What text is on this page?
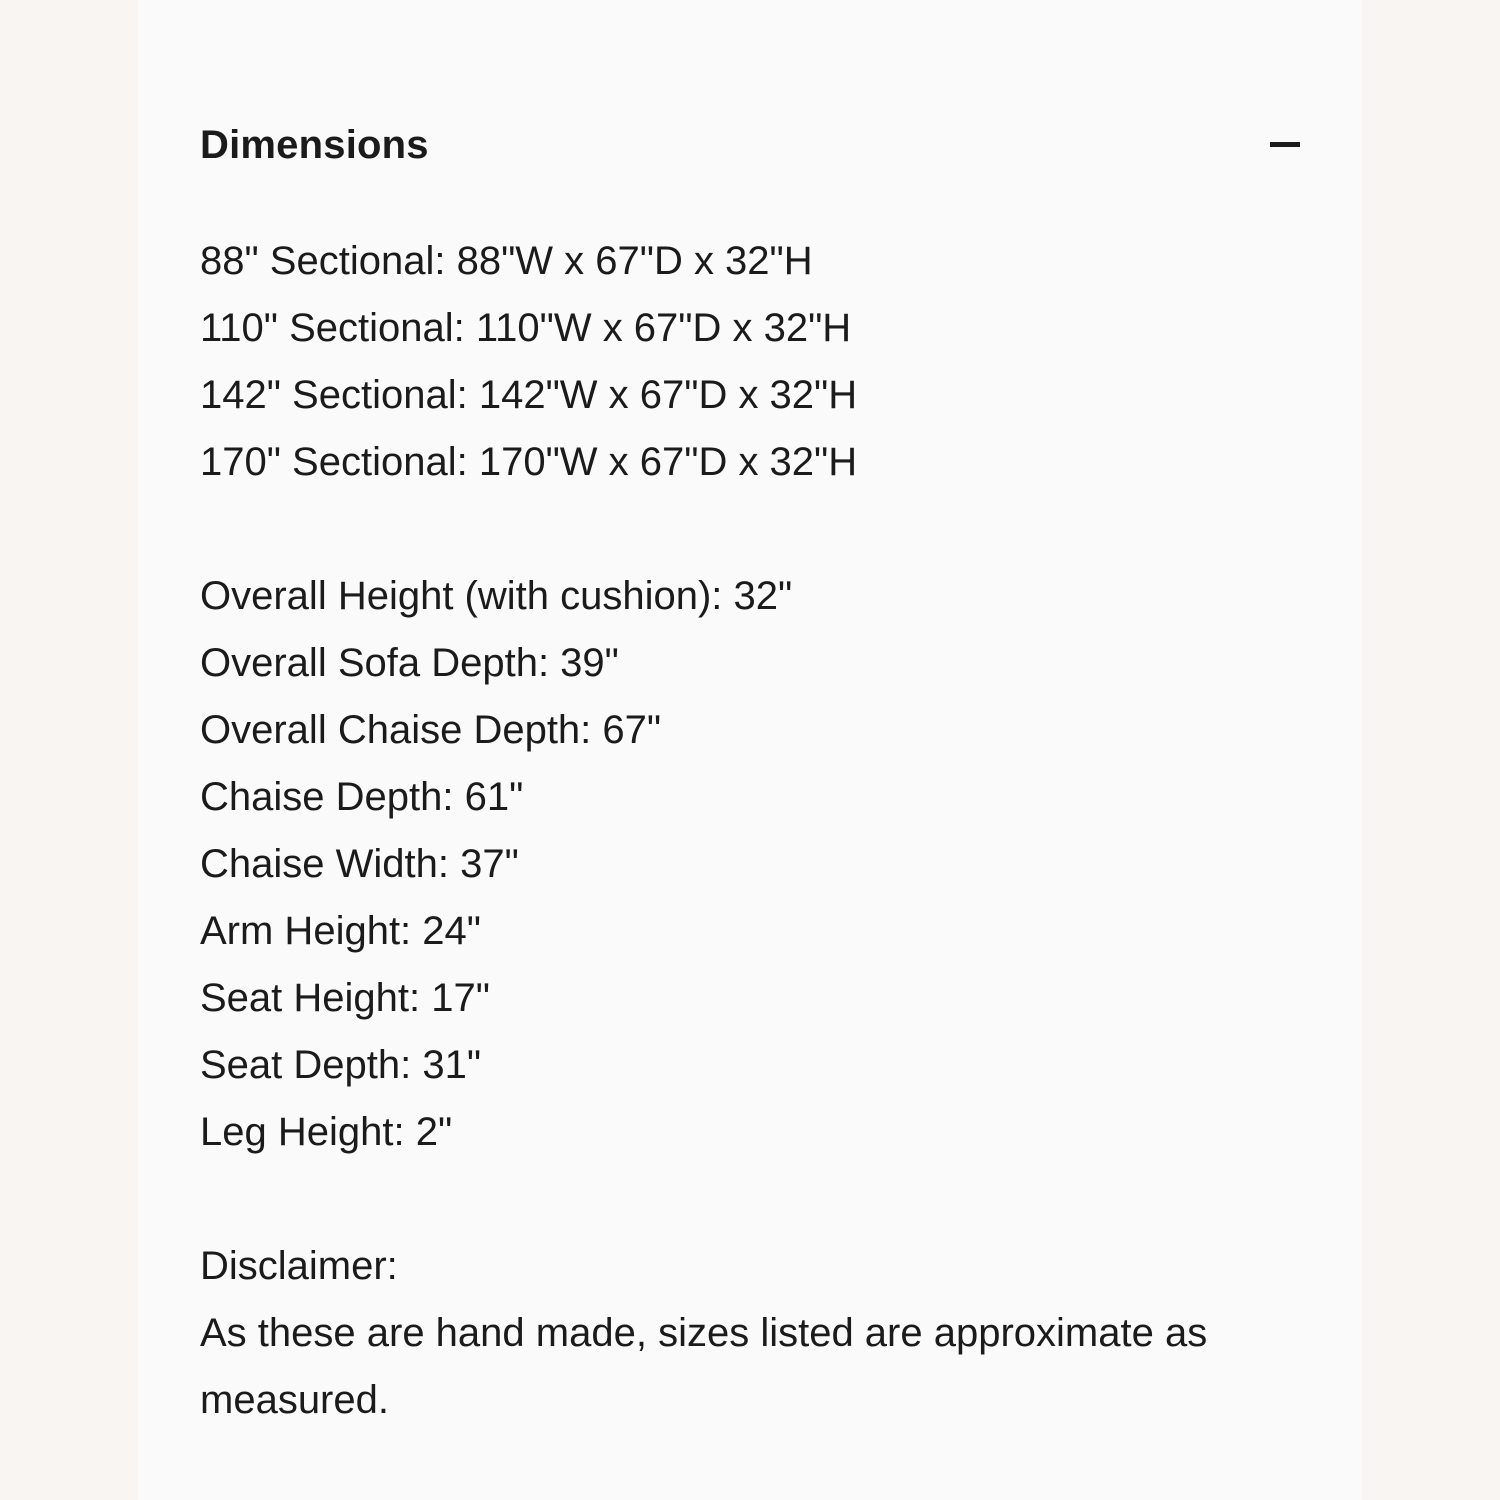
Dimensions
88" Sectional: 88"W x 67"D x 32"H
110" Sectional: 110"W x 67"D x 32"H
142" Sectional: 142"W x 67"D x 32"H
170" Sectional: 170"W x 67"D x 32"H
Overall Height (with cushion): 32"
Overall Sofa Depth: 39"
Overall Chaise Depth: 67"
Chaise Depth: 61"
Chaise Width: 37"
Arm Height: 24"
Seat Height: 17"
Seat Depth: 31"
Leg Height: 2"
Disclaimer:
As these are hand made, sizes listed are approximate as measured.
